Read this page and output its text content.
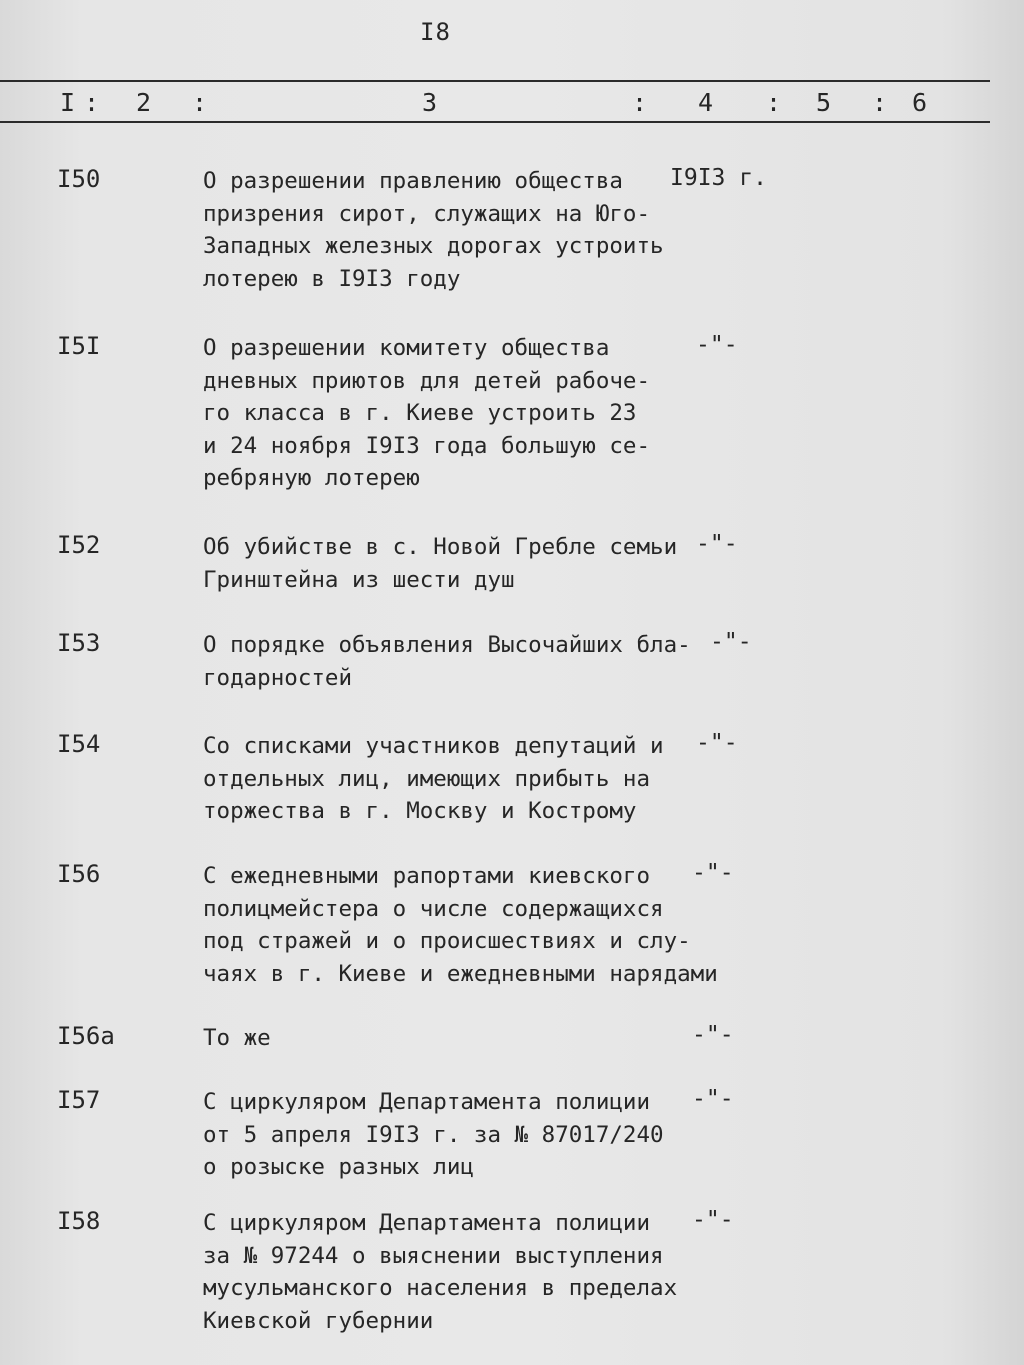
I8
I : 2 :	3	: 4 : 5 : 6
I50	О разрешении правлению общества
призрения сирот, служащих на Юго-
Западных железных дорогах устроить
лотерею в I9I3 году
I9I3 г.
I5I	О разрешении комитету общества
дневных приютов для детей рабоче-
го класса в г. Киеве устроить 23
и 24 ноября I9I3 года большую се-
ребряную лотерею
-"-
I52	Об убийстве в с. Новой Гребле семьи
Гринштейна из шести душ
-"-
I53	О порядке объявления Высочайших бла-
годарностей
-"-
I54	Со списками участников депутаций и
отдельных лиц, имеющих прибыть на
торжества в г. Москву и Кострому
-"-
I56	С ежедневными рапортами киевского
полицмейстера о числе содержащихся
под стражей и о происшествиях и слу-
чаях в г. Киеве и ежедневными нарядами
-"-
I56а	То же	-"-
I57	С циркуляром Департамента полиции
от 5 апреля I9I3 г. за № 87017/240
о розыске разных лиц
-"-
I58	С циркуляром Департамента полиции
за № 97244 о выяснении выступления
мусульманского населения в пределах
Киевской губернии
-"-
